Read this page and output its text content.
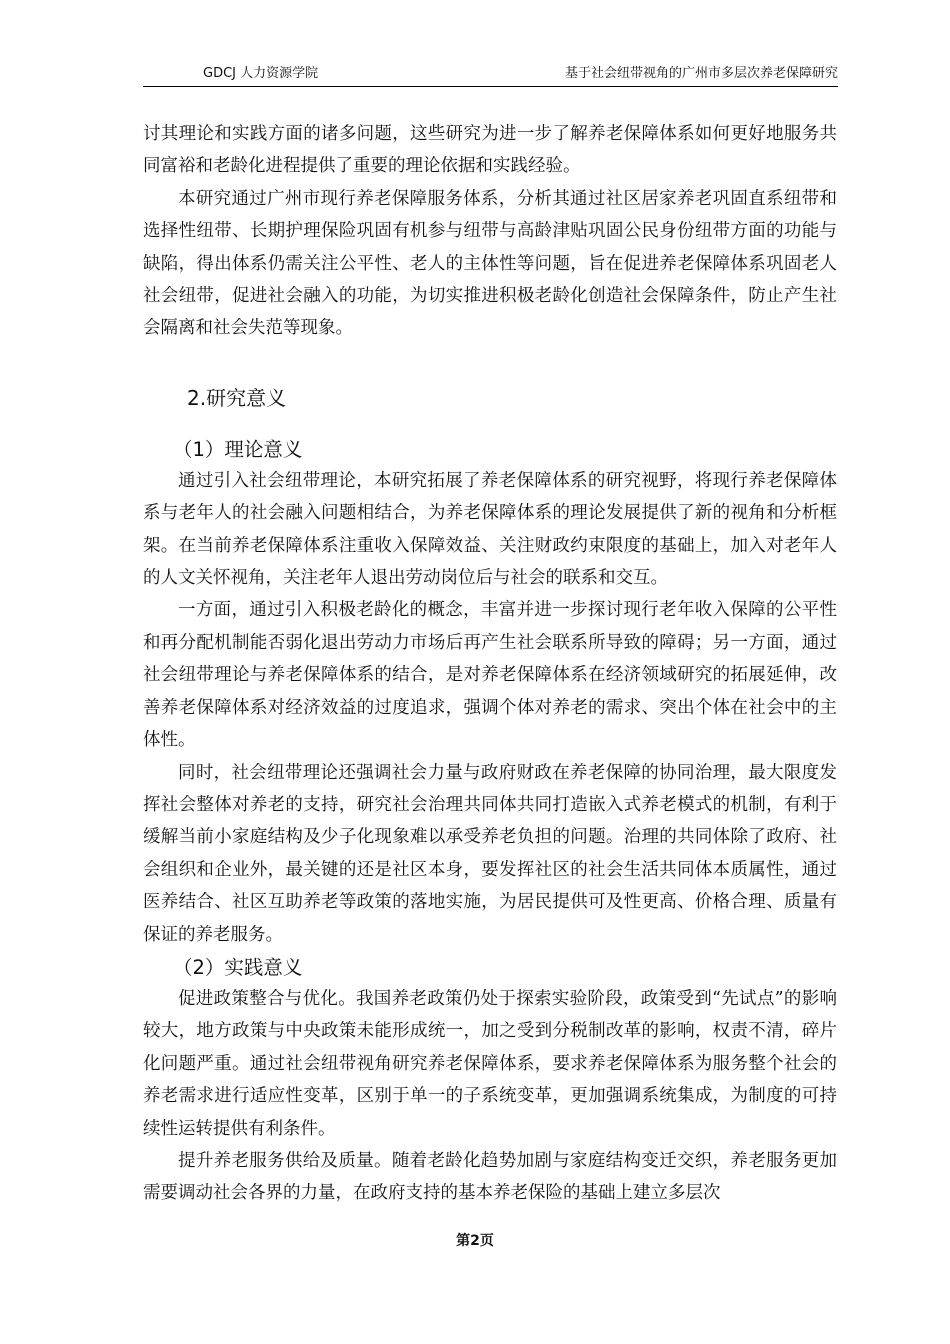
GDCJ 人力资源学院	基于社会纽带视角的广州市多层次养老保障研究

讨其理论和实践方面的诸多问题，这些研究为进一步了解养老保障体系如何更好地服务共同富裕和老龄化进程提供了重要的理论依据和实践经验。

本研究通过广州市现行养老保障服务体系，分析其通过社区居家养老巩固直系纽带和选择性纽带、长期护理保险巩固有机参与纽带与高龄津贴巩固公民身份纽带方面的功能与缺陷，得出体系仍需关注公平性、老人的主体性等问题，旨在促进养老保障体系巩固老人社会纽带，促进社会融入的功能，为切实推进积极老龄化创造社会保障条件，防止产生社会隔离和社会失范等现象。

2.研究意义
（1）理论意义

通过引入社会纽带理论，本研究拓展了养老保障体系的研究视野，将现行养老保障体系与老年人的社会融入问题相结合，为养老保障体系的理论发展提供了新的视角和分析框架。在当前养老保障体系注重收入保障效益、关注财政约束限度的基础上，加入对老年人的人文关怀视角，关注老年人退出劳动岗位后与社会的联系和交互。

一方面，通过引入积极老龄化的概念，丰富并进一步探讨现行老年收入保障的公平性和再分配机制能否弱化退出劳动力市场后再产生社会联系所导致的障碍；另一方面，通过社会纽带理论与养老保障体系的结合，是对养老保障体系在经济领域研究的拓展延伸，改善养老保障体系对经济效益的过度追求，强调个体对养老的需求、突出个体在社会中的主体性。

同时，社会纽带理论还强调社会力量与政府财政在养老保障的协同治理，最大限度发挥社会整体对养老的支持，研究社会治理共同体共同打造嵌入式养老模式的机制，有利于缓解当前小家庭结构及少子化现象难以承受养老负担的问题。治理的共同体除了政府、社会组织和企业外，最关键的还是社区本身，要发挥社区的社会生活共同体本质属性，通过医养结合、社区互助养老等政策的落地实施，为居民提供可及性更高、价格合理、质量有保证的养老服务。

（2）实践意义

促进政策整合与优化。我国养老政策仍处于探索实验阶段，政策受到“先试点”的影响较大，地方政策与中央政策未能形成统一，加之受到分税制改革的影响，权责不清，碎片化问题严重。通过社会纽带视角研究养老保障体系，要求养老保障体系为服务整个社会的养老需求进行适应性变革，区别于单一的子系统变革，更加强调系统集成，为制度的可持续性运转提供有利条件。

提升养老服务供给及质量。随着老龄化趋势加剧与家庭结构变迁交织，养老服务更加需要调动社会各界的力量，在政府支持的基本养老保险的基础上建立多层次

第2页
